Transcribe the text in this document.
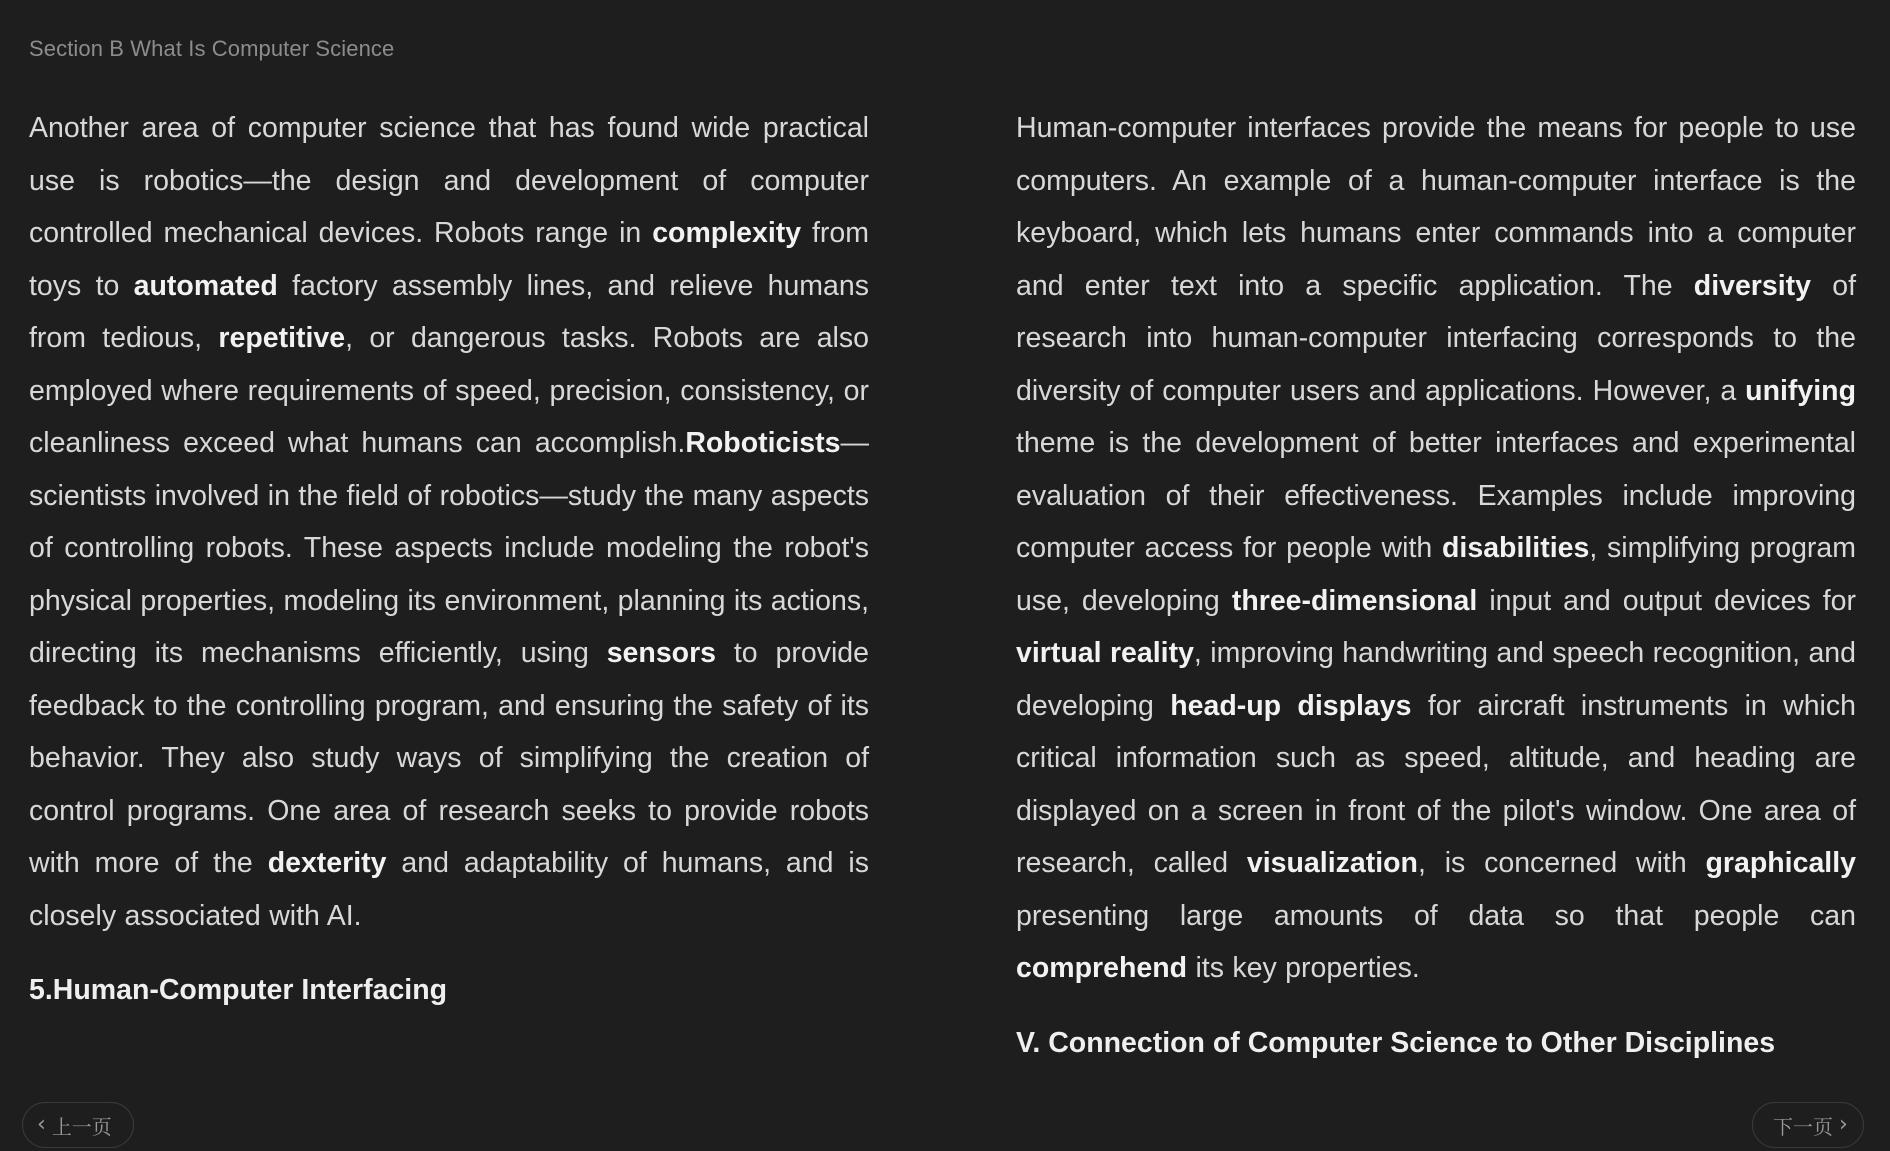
Section B What Is Computer Science

Another area of computer science that has found wide practical use is robotics—the design and development of computer controlled mechanical devices. Robots range in complexity from toys to automated factory assembly lines, and relieve humans from tedious, repetitive, or dangerous tasks. Robots are also employed where requirements of speed, precision, consistency, or cleanliness exceed what humans can accomplish.Roboticists—scientists involved in the field of robotics—study the many aspects of controlling robots. These aspects include modeling the robot's physical properties, modeling its environment, planning its actions, directing its mechanisms efficiently, using sensors to provide feedback to the controlling program, and ensuring the safety of its behavior. They also study ways of simplifying the creation of control programs. One area of research seeks to provide robots with more of the dexterity and adaptability of humans, and is closely associated with AI.

5.Human-Computer Interfacing

Human-computer interfaces provide the means for people to use computers. An example of a human-computer interface is the keyboard, which lets humans enter commands into a computer and enter text into a specific application. The diversity of research into human-computer interfacing corresponds to the diversity of computer users and applications. However, a unifying theme is the development of better interfaces and experimental evaluation of their effectiveness. Examples include improving computer access for people with disabilities, simplifying program use, developing three-dimensional input and output devices for virtual reality, improving handwriting and speech recognition, and developing head-up displays for aircraft instruments in which critical information such as speed, altitude, and heading are displayed on a screen in front of the pilot's window. One area of research, called visualization, is concerned with graphically presenting large amounts of data so that people can comprehend its key properties.

V. Connection of Computer Science to Other Disciplines
‹ 上一页	下一页 ›
